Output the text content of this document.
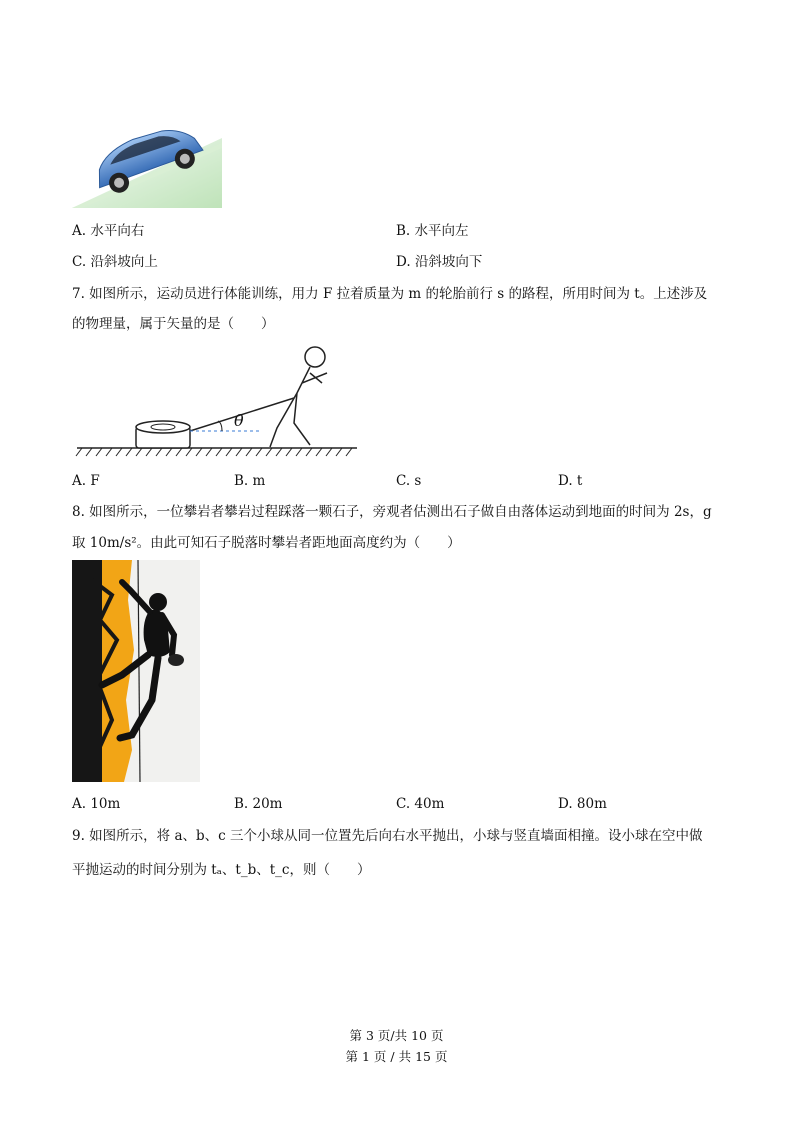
A. 水平向右	B. 水平向左
C. 沿斜坡向上	D. 沿斜坡向下
7. 如图所示，运动员进行体能训练，用力 F 拉着质量为 m 的轮胎前行 s 的路程，所用时间为 t。上述涉及
的物理量，属于矢量的是（　　）
θ
A. F	B. m	C. s	D. t
8. 如图所示，一位攀岩者攀岩过程踩落一颗石子，旁观者估测出石子做自由落体运动到地面的时间为 2s，g
取 10m/s²。由此可知石子脱落时攀岩者距地面高度约为（　　）
A. 10m	B. 20m	C. 40m	D. 80m
9. 如图所示，将 a、b、c 三个小球从同一位置先后向右水平抛出，小球与竖直墙面相撞。设小球在空中做
平抛运动的时间分别为 tₐ、t_b、t_c，则（　　）
第 3 页/共 10 页
第 1 页 / 共 15 页
